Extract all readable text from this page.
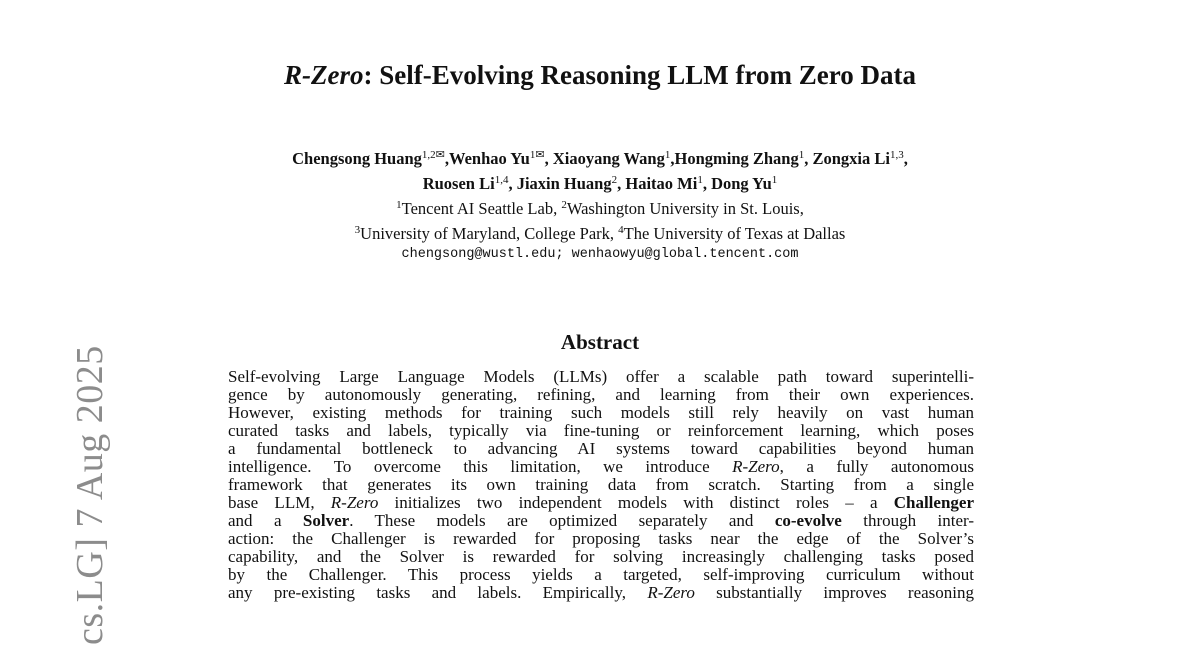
cs.LG] 7 Aug 2025
R-Zero: Self-Evolving Reasoning LLM from Zero Data
Chengsong Huang$^{1,2✉}$,Wenhao $Yu^{1✉}$, Xiaoyang Wang$^1$,Hongming Zhang$^1$, Zongxia Li$^{1,3}$,
Ruosen Li$^{1,4}$, Jiaxin Huang$^2$, Haitao Mi$^1$, Dong Yu$^1$
$^1$Tencent AI Seattle Lab, $^2$Washington University in St. Louis,
$^3$University of Maryland, College Park, $^4$The University of Texas at Dallas
chengsong@wustl.edu; wenhaowyu@global.tencent.com
Abstract
Self-evolving Large Language Models (LLMs) offer a scalable path toward superintelli-
gence by autonomously generating, refining, and learning from their own experiences.
However, existing methods for training such models still rely heavily on vast human
curated tasks and labels, typically via fine-tuning or reinforcement learning, which poses
a fundamental bottleneck to advancing AI systems toward capabilities beyond human
intelligence. To overcome this limitation, we introduce R-Zero, a fully autonomous
framework that generates its own training data from scratch. Starting from a single
base LLM, R-Zero initializes two independent models with distinct roles – a Challenger
and a Solver. These models are optimized separately and co-evolve through inter-
action: the Challenger is rewarded for proposing tasks near the edge of the Solver’s
capability, and the Solver is rewarded for solving increasingly challenging tasks posed
by the Challenger. This process yields a targeted, self-improving curriculum without
any pre-existing tasks and labels. Empirically, R-Zero substantially improves reasoning
